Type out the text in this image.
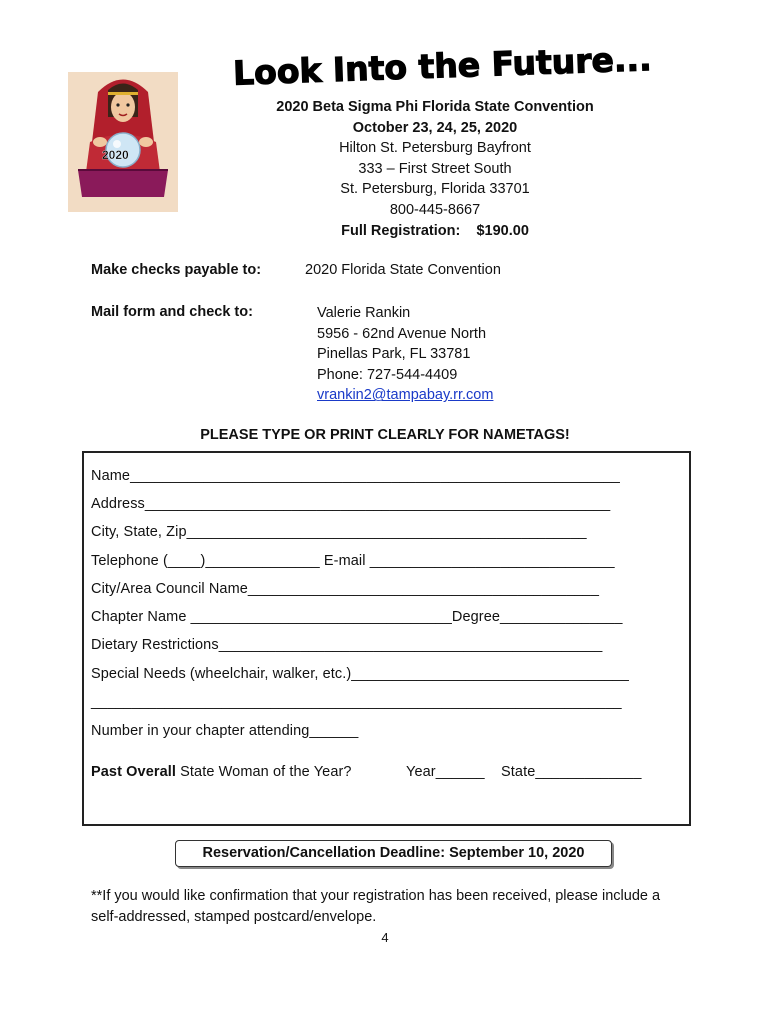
Look Into the Future...
2020
2020 Beta Sigma Phi Florida State Convention
October 23, 24, 25, 2020
Hilton St. Petersburg Bayfront
333 – First Street South
St. Petersburg, Florida 33701
800-445-8667
Full Registration: $190.00
Make checks payable to:	2020 Florida State Convention
Mail form and check to:	Valerie Rankin
5956 - 62nd Avenue North
Pinellas Park, FL 33781
Phone: 727-544-4409
vrankin2@tampabay.rr.com
PLEASE TYPE OR PRINT CLEARLY FOR NAMETAGS!
Name____________________________________________________________
Address_________________________________________________________
City, State, Zip_________________________________________________
Telephone (____)______________ E-mail ______________________________
City/Area Council Name___________________________________________
Chapter Name ________________________________Degree_______________
Dietary Restrictions_______________________________________________
Special Needs (wheelchair, walker, etc.)__________________________________
_________________________________________________________________
Number in your chapter attending______
Past Overall State Woman of the Year?	Year______ State_____________
Reservation/Cancellation Deadline: September 10, 2020
**If you would like confirmation that your registration has been received, please include a self-addressed, stamped postcard/envelope.
4
